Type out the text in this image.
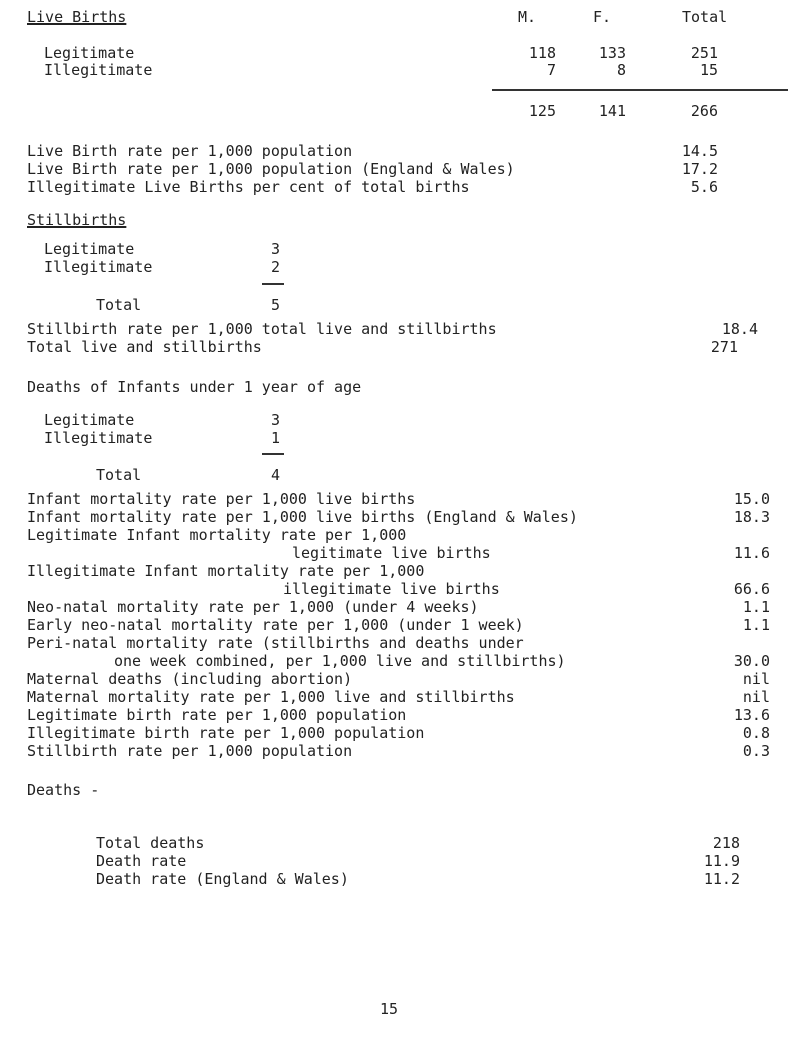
Live Births	M.	F.	Total
Legitimate	118	133	251
Illegitimate	7	8	15
125	141	266
Live Birth rate per 1,000 population	14.5
Live Birth rate per 1,000 population (England & Wales)	17.2
Illegitimate Live Births per cent of total births	5.6
Stillbirths
Legitimate	3
Illegitimate	2
Total	5
Stillbirth rate per 1,000 total live and stillbirths	18.4
Total live and stillbirths	271
Deaths of Infants under 1 year of age
Legitimate	3
Illegitimate	1
Total	4
Infant mortality rate per 1,000 live births	15.0
Infant mortality rate per 1,000 live births (England & Wales)	18.3
Legitimate Infant mortality rate per 1,000
legitimate live births	11.6
Illegitimate Infant mortality rate per 1,000
illegitimate live births	66.6
Neo-natal mortality rate per 1,000 (under 4 weeks)	1.1
Early neo-natal mortality rate per 1,000 (under 1 week)	1.1
Peri-natal mortality rate (stillbirths and deaths under
one week combined, per 1,000 live and stillbirths)	30.0
Maternal deaths (including abortion)	nil
Maternal mortality rate per 1,000 live and stillbirths	nil
Legitimate birth rate per 1,000 population	13.6
Illegitimate birth rate per 1,000 population	0.8
Stillbirth rate per 1,000 population	0.3
Deaths -
Total deaths	218
Death rate	11.9
Death rate (England & Wales)	11.2
15
